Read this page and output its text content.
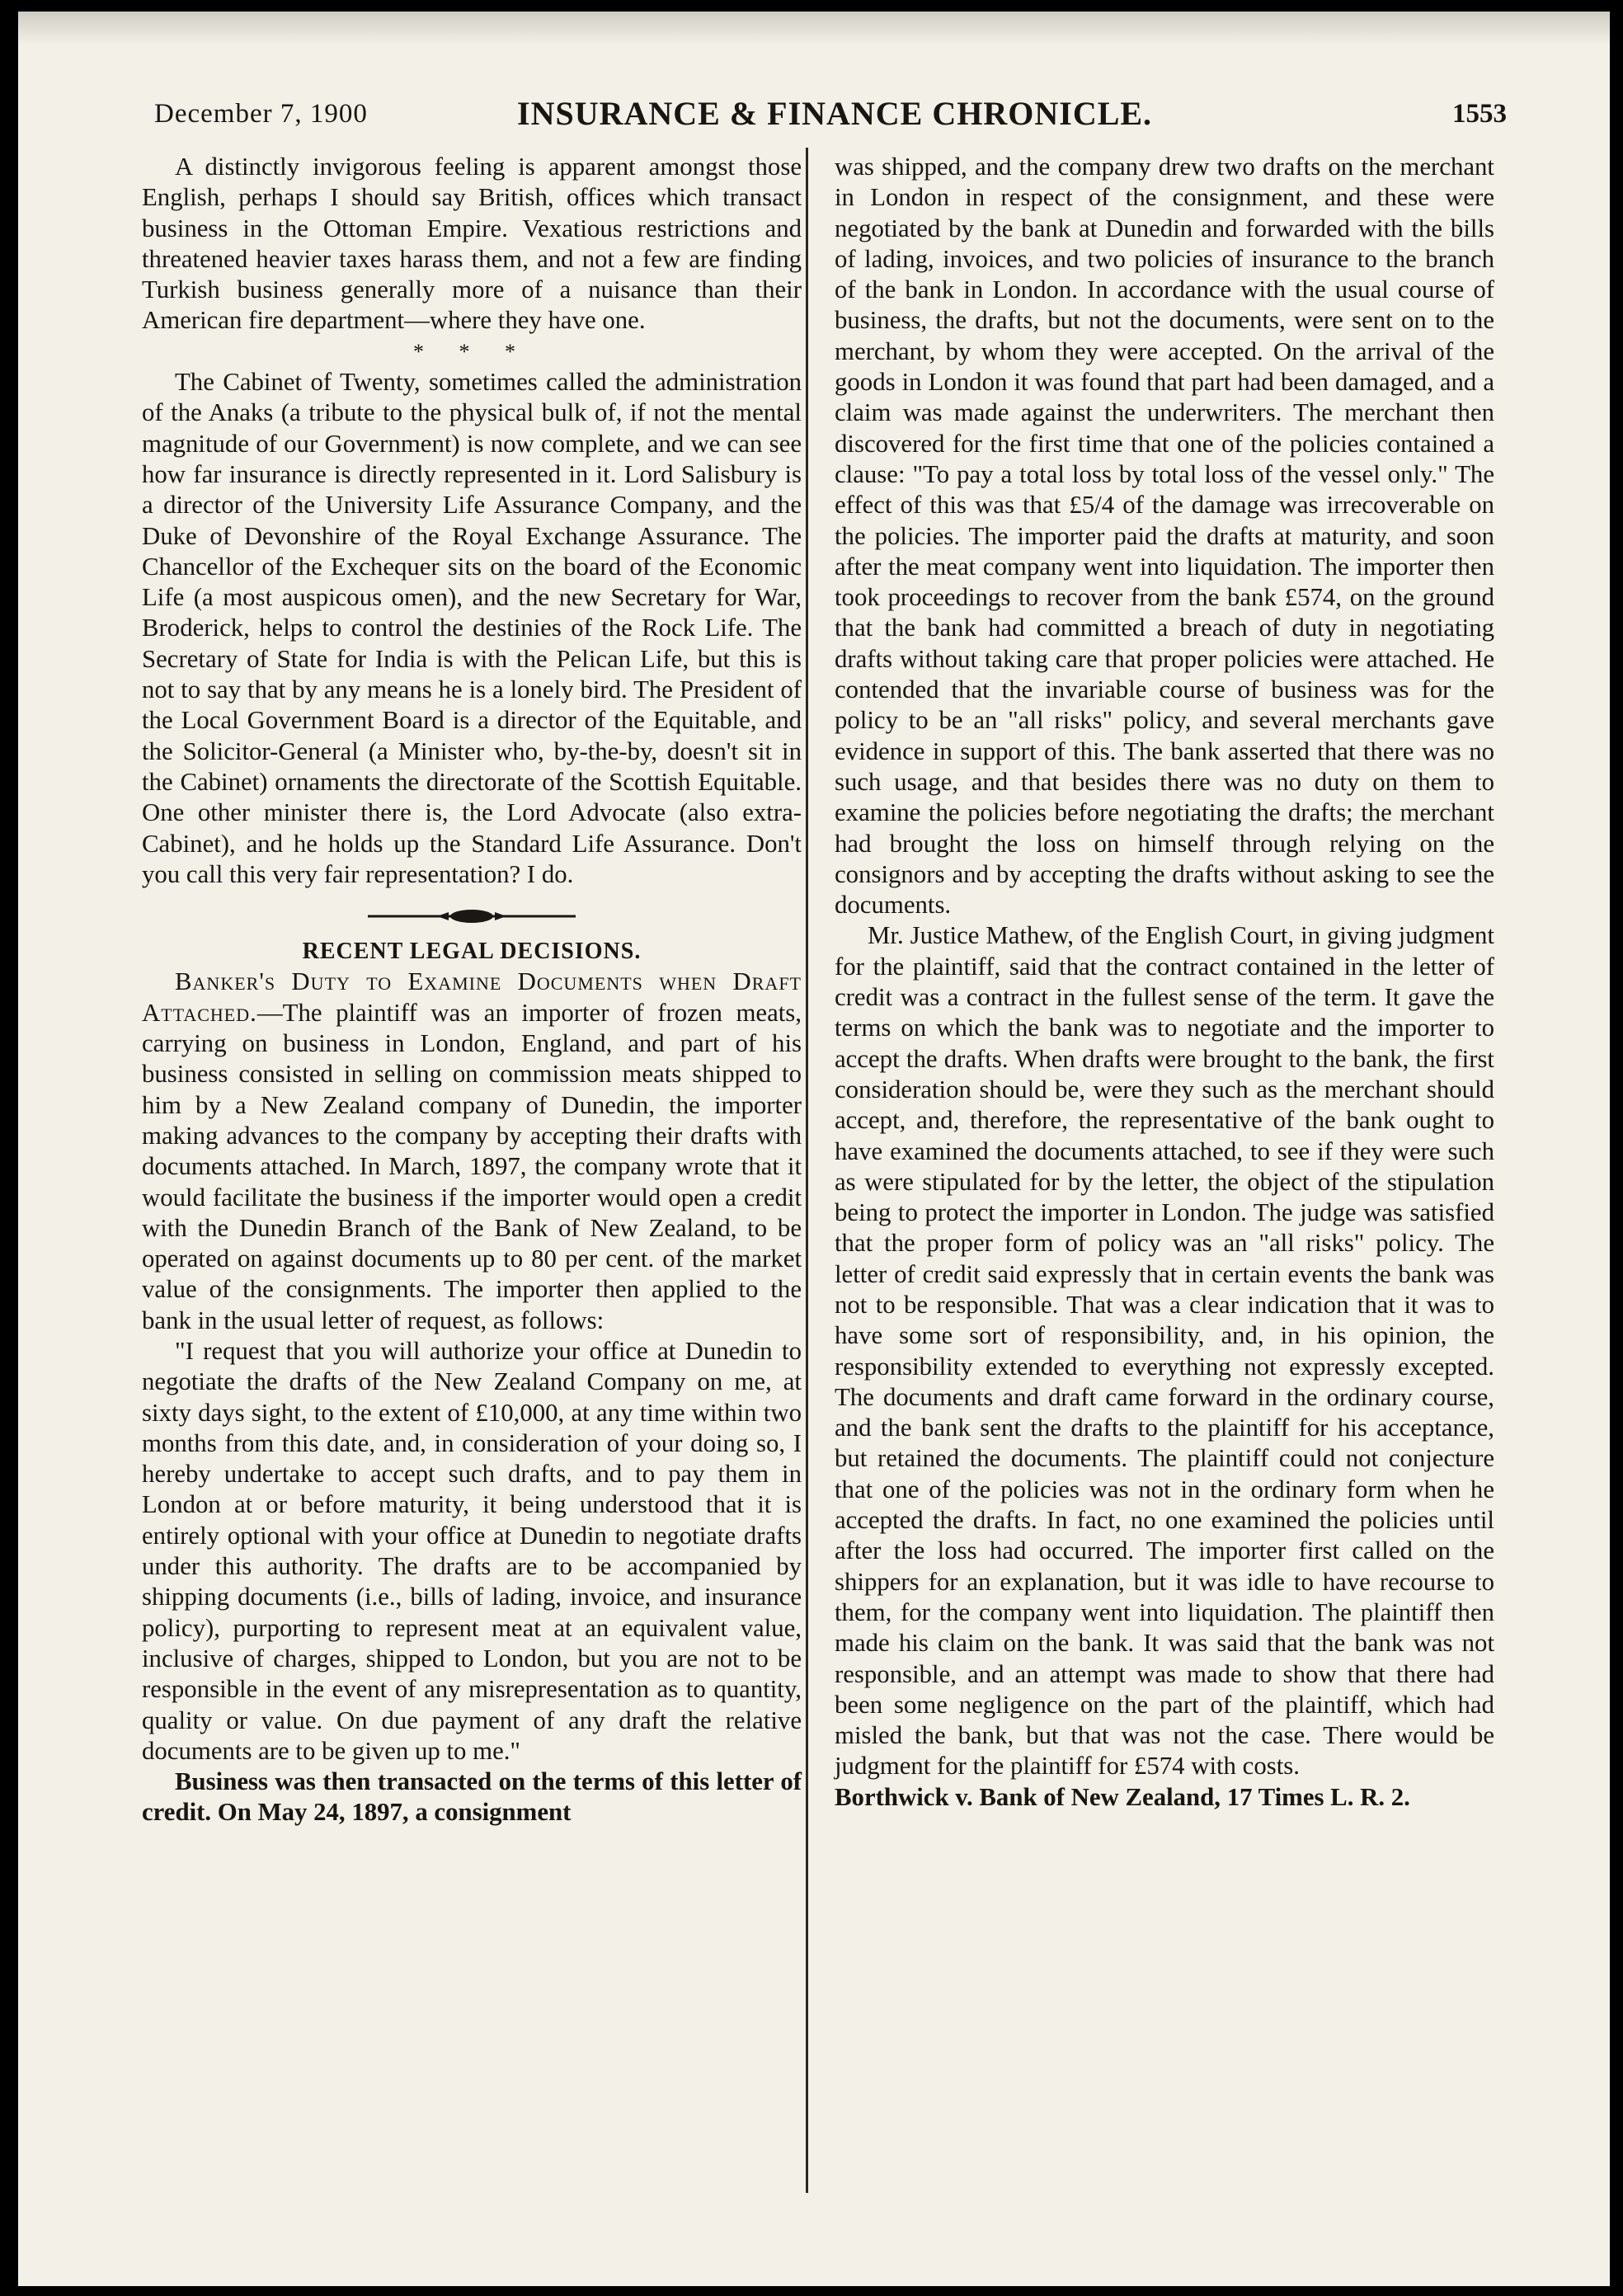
December 7, 1900	INSURANCE & FINANCE CHRONICLE.	1553

A distinctly invigorous feeling is apparent amongst those English, perhaps I should say British, offices which transact business in the Ottoman Empire. Vexatious restrictions and threatened heavier taxes harass them, and not a few are finding Turkish business generally more of a nuisance than their American fire department—where they have one.

* * *

The Cabinet of Twenty, sometimes called the administration of the Anaks (a tribute to the physical bulk of, if not the mental magnitude of our Government) is now complete, and we can see how far insurance is directly represented in it. Lord Salisbury is a director of the University Life Assurance Company, and the Duke of Devonshire of the Royal Exchange Assurance. The Chancellor of the Exchequer sits on the board of the Economic Life (a most auspicous omen), and the new Secretary for War, Broderick, helps to control the destinies of the Rock Life. The Secretary of State for India is with the Pelican Life, but this is not to say that by any means he is a lonely bird. The President of the Local Government Board is a director of the Equitable, and the Solicitor-General (a Minister who, by-the-by, doesn't sit in the Cabinet) ornaments the directorate of the Scottish Equitable. One other minister there is, the Lord Advocate (also extra-Cabinet), and he holds up the Standard Life Assurance. Don't you call this very fair representation? I do.

RECENT LEGAL DECISIONS.

Banker's Duty to Examine Documents when Draft Attached.—The plaintiff was an importer of frozen meats, carrying on business in London, England, and part of his business consisted in selling on commission meats shipped to him by a New Zealand company of Dunedin, the importer making advances to the company by accepting their drafts with documents attached. In March, 1897, the company wrote that it would facilitate the business if the importer would open a credit with the Dunedin Branch of the Bank of New Zealand, to be operated on against documents up to 80 per cent. of the market value of the consignments. The importer then applied to the bank in the usual letter of request, as follows:

"I request that you will authorize your office at Dunedin to negotiate the drafts of the New Zealand Company on me, at sixty days sight, to the extent of £10,000, at any time within two months from this date, and, in consideration of your doing so, I hereby undertake to accept such drafts, and to pay them in London at or before maturity, it being understood that it is entirely optional with your office at Dunedin to negotiate drafts under this authority. The drafts are to be accompanied by shipping documents (i.e., bills of lading, invoice, and insurance policy), purporting to represent meat at an equivalent value, inclusive of charges, shipped to London, but you are not to be responsible in the event of any misrepresentation as to quantity, quality or value. On due payment of any draft the relative documents are to be given up to me."

Business was then transacted on the terms of this letter of credit. On May 24, 1897, a consignment

was shipped, and the company drew two drafts on the merchant in London in respect of the consignment, and these were negotiated by the bank at Dunedin and forwarded with the bills of lading, invoices, and two policies of insurance to the branch of the bank in London. In accordance with the usual course of business, the drafts, but not the documents, were sent on to the merchant, by whom they were accepted. On the arrival of the goods in London it was found that part had been damaged, and a claim was made against the underwriters. The merchant then discovered for the first time that one of the policies contained a clause: "To pay a total loss by total loss of the vessel only." The effect of this was that £5/4 of the damage was irrecoverable on the policies. The importer paid the drafts at maturity, and soon after the meat company went into liquidation. The importer then took proceedings to recover from the bank £574, on the ground that the bank had committed a breach of duty in negotiating drafts without taking care that proper policies were attached. He contended that the invariable course of business was for the policy to be an "all risks" policy, and several merchants gave evidence in support of this. The bank asserted that there was no such usage, and that besides there was no duty on them to examine the policies before negotiating the drafts; the merchant had brought the loss on himself through relying on the consignors and by accepting the drafts without asking to see the documents.

Mr. Justice Mathew, of the English Court, in giving judgment for the plaintiff, said that the contract contained in the letter of credit was a contract in the fullest sense of the term. It gave the terms on which the bank was to negotiate and the importer to accept the drafts. When drafts were brought to the bank, the first consideration should be, were they such as the merchant should accept, and, therefore, the representative of the bank ought to have examined the documents attached, to see if they were such as were stipulated for by the letter, the object of the stipulation being to protect the importer in London. The judge was satisfied that the proper form of policy was an "all risks" policy. The letter of credit said expressly that in certain events the bank was not to be responsible. That was a clear indication that it was to have some sort of responsibility, and, in his opinion, the responsibility extended to everything not expressly excepted. The documents and draft came forward in the ordinary course, and the bank sent the drafts to the plaintiff for his acceptance, but retained the documents. The plaintiff could not conjecture that one of the policies was not in the ordinary form when he accepted the drafts. In fact, no one examined the policies until after the loss had occurred. The importer first called on the shippers for an explanation, but it was idle to have recourse to them, for the company went into liquidation. The plaintiff then made his claim on the bank. It was said that the bank was not responsible, and an attempt was made to show that there had been some negligence on the part of the plaintiff, which had misled the bank, but that was not the case. There would be judgment for the plaintiff for £574 with costs.

Borthwick v. Bank of New Zealand, 17 Times L. R. 2.
